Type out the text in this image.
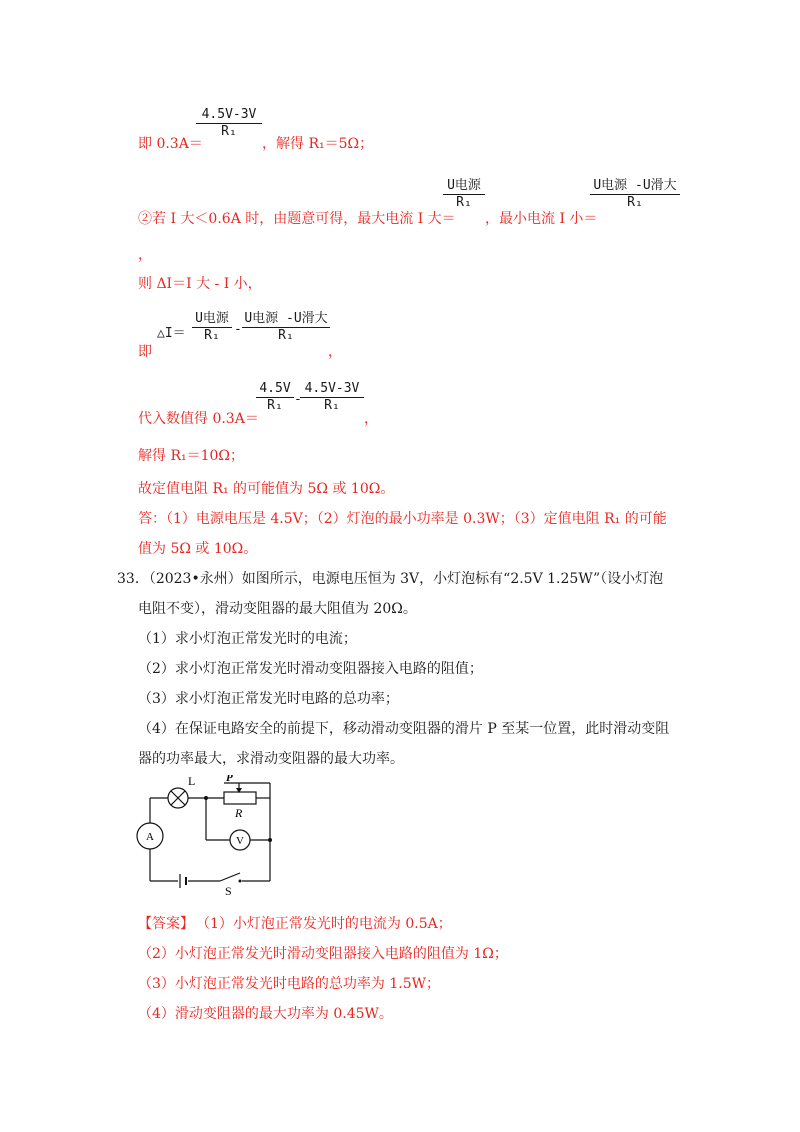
即 0.3A＝
4.5V-3V
R₁
，解得 R₁＝5Ω；
②若 I 大＜0.6A 时，由题意可得，最大电流 I 大＝
U电源
R₁
，最小电流 I 小＝
U电源 -U滑大
R₁
，
则 ΔI＝I 大 - I 小，
即
△I＝
U电源
R₁	-
U电源 -U滑大
R₁
，
代入数值得 0.3A＝
4.5V
R₁ -
4.5V-3V
R₁
，
解得 R₁＝10Ω；
故定值电阻 R₁ 的可能值为 5Ω 或 10Ω。
答：（1）电源电压是 4.5V；（2）灯泡的最小功率是 0.3W；（3）定值电阻 R₁ 的可能
值为 5Ω 或 10Ω。
33．（2023•永州）如图所示，电源电压恒为 3V，小灯泡标有“2.5V 1.25W”（设小灯泡
电阻不变），滑动变阻器的最大阻值为 20Ω。
（1）求小灯泡正常发光时的电流；
（2）求小灯泡正常发光时滑动变阻器接入电路的阻值；
（3）求小灯泡正常发光时电路的总功率；
（4）在保证电路安全的前提下，移动滑动变阻器的滑片 P 至某一位置，此时滑动变阻
器的功率最大，求滑动变阻器的最大功率。
L	P
R
A	V
S
【答案】 （1）小灯泡正常发光时的电流为 0.5A；
（2）小灯泡正常发光时滑动变阻器接入电路的阻值为 1Ω；
（3）小灯泡正常发光时电路的总功率为 1.5W；
（4）滑动变阻器的最大功率为 0.45W。
